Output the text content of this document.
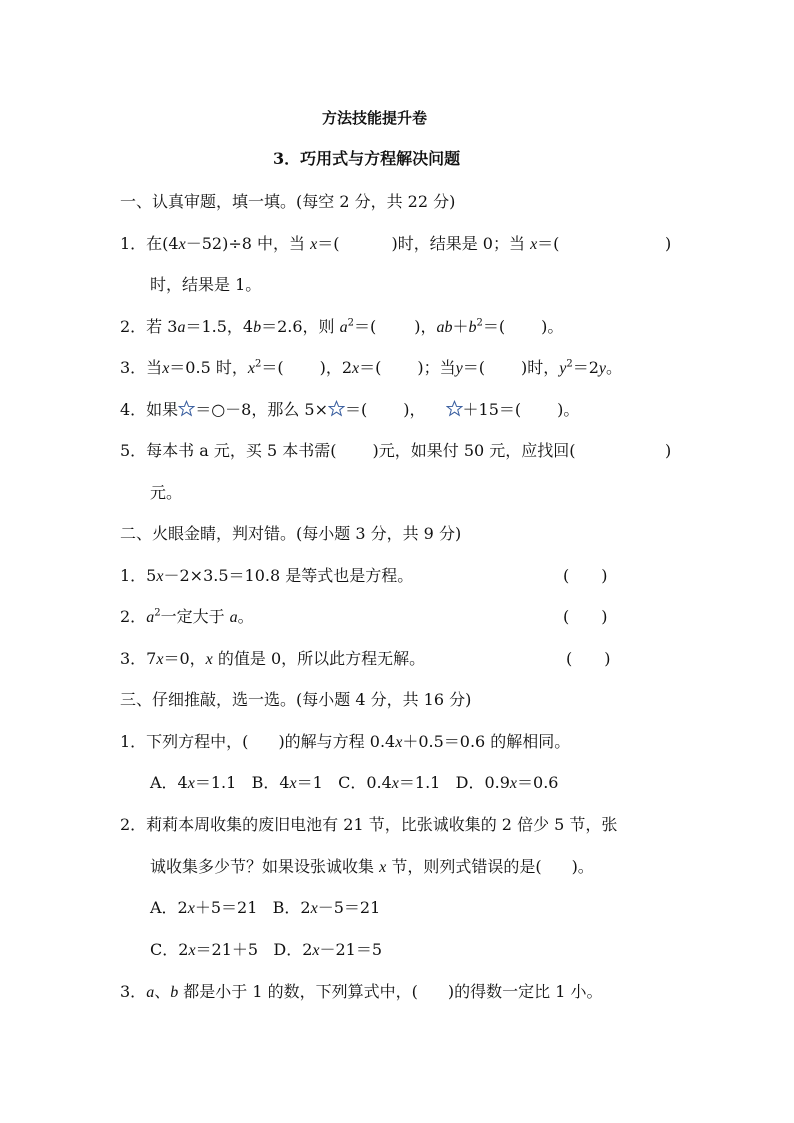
方法技能提升卷
3．巧用式与方程解决问题
一、认真审题，填一填。(每空 2 分，共 22 分)
1．在(4x－52)÷8 中，当 x＝(	)时，结果是 0；当 x＝(	)
时，结果是 1。
2．若 3a＝1.5，4b＝2.6，则 $a^2=$( )，$ab+b^2=$( )。
3．当x＝0.5 时，$x^2=$( )，2x＝( )；当y＝( )时，$y^2=2y$。
4．如果 ＝○－8，那么 5× ＝( )， ＋15＝( )。
5．每本书 a 元，买 5 本书需( )元，如果付 50 元，应找回(	)
元。
二、火眼金睛，判对错。(每小题 3 分，共 9 分)
1．5x－2×3.5＝10.8 是等式也是方程。	(　　)
2．$a^2$一定大于 a。	(　　)
3．7x＝0，x 的值是 0，所以此方程无解。	(　　)
三、仔细推敲，选一选。(每小题 4 分，共 16 分)
1．下列方程中，( )的解与方程 0.4x＋0.5＝0.6 的解相同。
A．4x＝1.1 B．4x＝1 C．0.4x＝1.1 D．0.9x＝0.6
2．莉莉本周收集的废旧电池有 21 节，比张诚收集的 2 倍少 5 节，张
诚收集多少节？如果设张诚收集 x 节，则列式错误的是( )。
A．2x＋5＝21 B．2x－5＝21
C．2x＝21＋5 D．2x－21＝5
3．a、b 都是小于 1 的数，下列算式中，( )的得数一定比 1 小。
